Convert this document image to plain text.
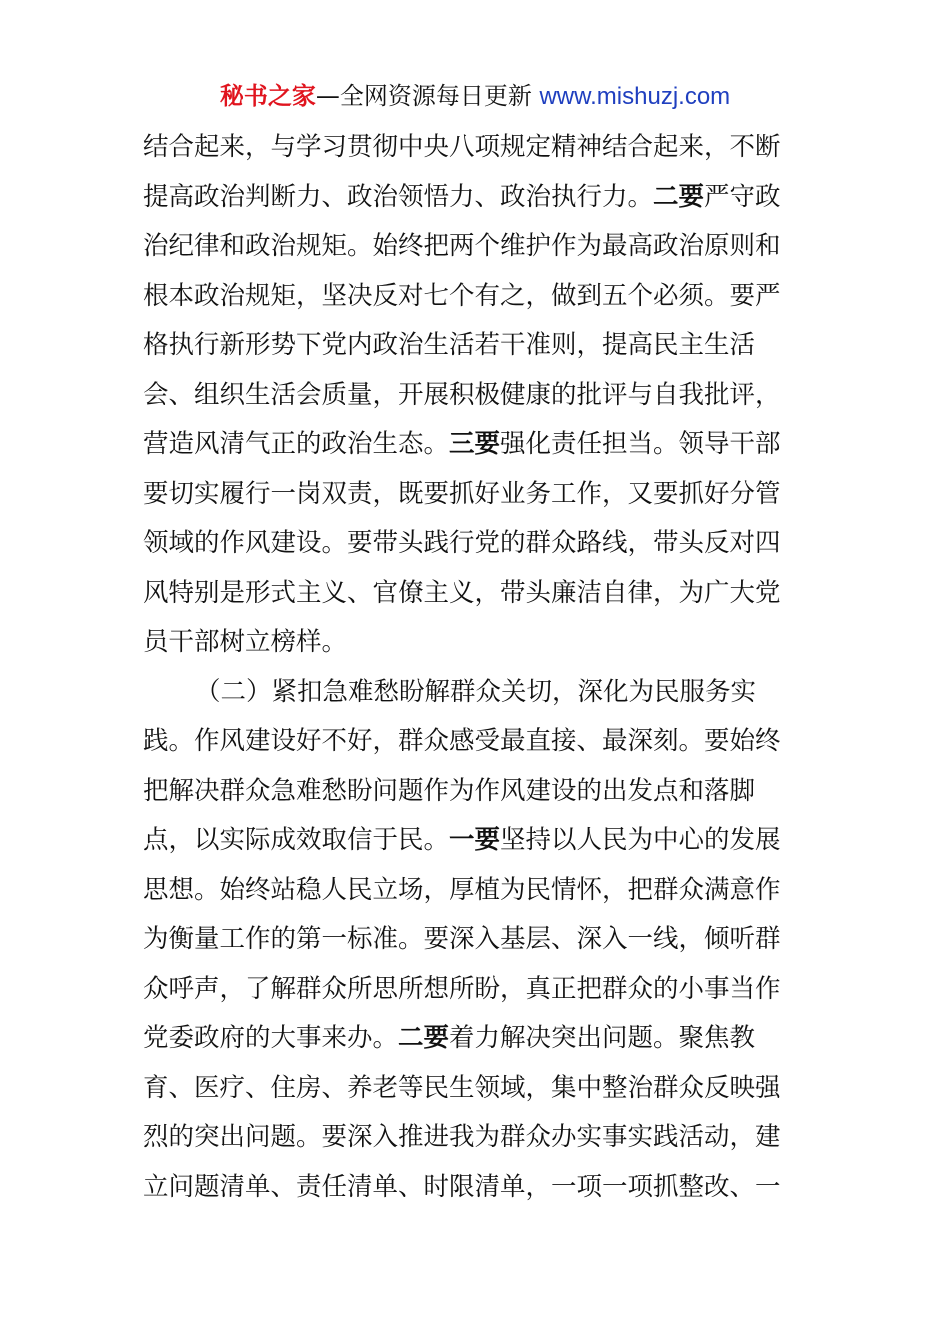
秘书之家—全网资源每日更新 www.mishuzj.com
结合起来，与学习贯彻中央八项规定精神结合起来，不断
提高政治判断力、政治领悟力、政治执行力。二要严守政
治纪律和政治规矩。始终把两个维护作为最高政治原则和
根本政治规矩，坚决反对七个有之，做到五个必须。要严
格执行新形势下党内政治生活若干准则，提高民主生活
会、组织生活会质量，开展积极健康的批评与自我批评，
营造风清气正的政治生态。三要强化责任担当。领导干部
要切实履行一岗双责，既要抓好业务工作，又要抓好分管
领域的作风建设。要带头践行党的群众路线，带头反对四
风特别是形式主义、官僚主义，带头廉洁自律，为广大党
员干部树立榜样。
（二）紧扣急难愁盼解群众关切，深化为民服务实
践。作风建设好不好，群众感受最直接、最深刻。要始终
把解决群众急难愁盼问题作为作风建设的出发点和落脚
点，以实际成效取信于民。一要坚持以人民为中心的发展
思想。始终站稳人民立场，厚植为民情怀，把群众满意作
为衡量工作的第一标准。要深入基层、深入一线，倾听群
众呼声，了解群众所思所想所盼，真正把群众的小事当作
党委政府的大事来办。二要着力解决突出问题。聚焦教
育、医疗、住房、养老等民生领域，集中整治群众反映强
烈的突出问题。要深入推进我为群众办实事实践活动，建
立问题清单、责任清单、时限清单，一项一项抓整改、一
